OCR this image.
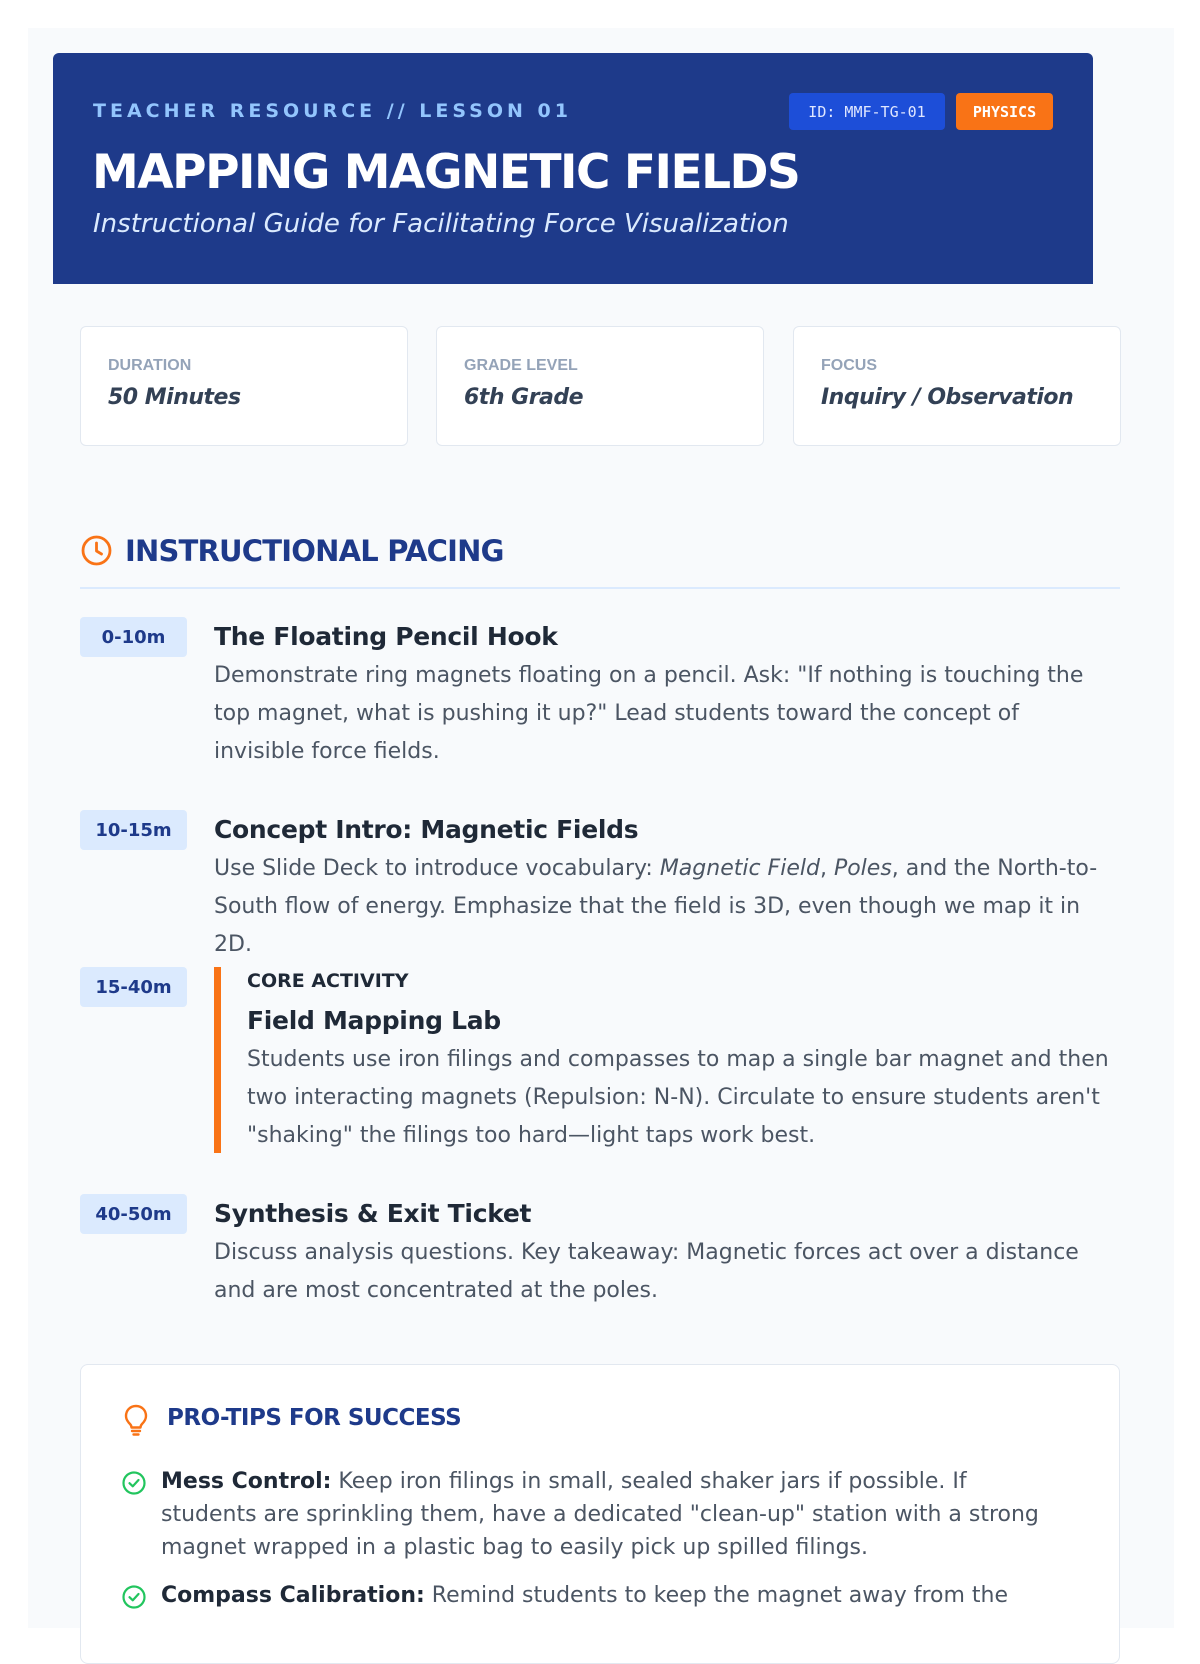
TEACHER RESOURCE // LESSON 01	ID: MMF-TG-01	PHYSICS
MAPPING MAGNETIC FIELDS
Instructional Guide for Facilitating Force Visualization
DURATION
50 Minutes
GRADE LEVEL
6th Grade
FOCUS
Inquiry / Observation
INSTRUCTIONAL PACING
0-10m	The Floating Pencil Hook
Demonstrate ring magnets floating on a pencil. Ask: "If nothing is touching the top magnet, what is pushing it up?" Lead students toward the concept of invisible force fields.
10-15m	Concept Intro: Magnetic Fields
Use Slide Deck to introduce vocabulary: Magnetic Field, Poles, and the North-to-South flow of energy. Emphasize that the field is 3D, even though we map it in 2D.
15-40m	CORE ACTIVITY
Field Mapping Lab
Students use iron filings and compasses to map a single bar magnet and then two interacting magnets (Repulsion: N-N). Circulate to ensure students aren't "shaking" the filings too hard—light taps work best.
40-50m	Synthesis & Exit Ticket
Discuss analysis questions. Key takeaway: Magnetic forces act over a distance and are most concentrated at the poles.
PRO-TIPS FOR SUCCESS
Mess Control: Keep iron filings in small, sealed shaker jars if possible. If students are sprinkling them, have a dedicated "clean-up" station with a strong magnet wrapped in a plastic bag to easily pick up spilled filings.
Compass Calibration: Remind students to keep the magnet away from the
